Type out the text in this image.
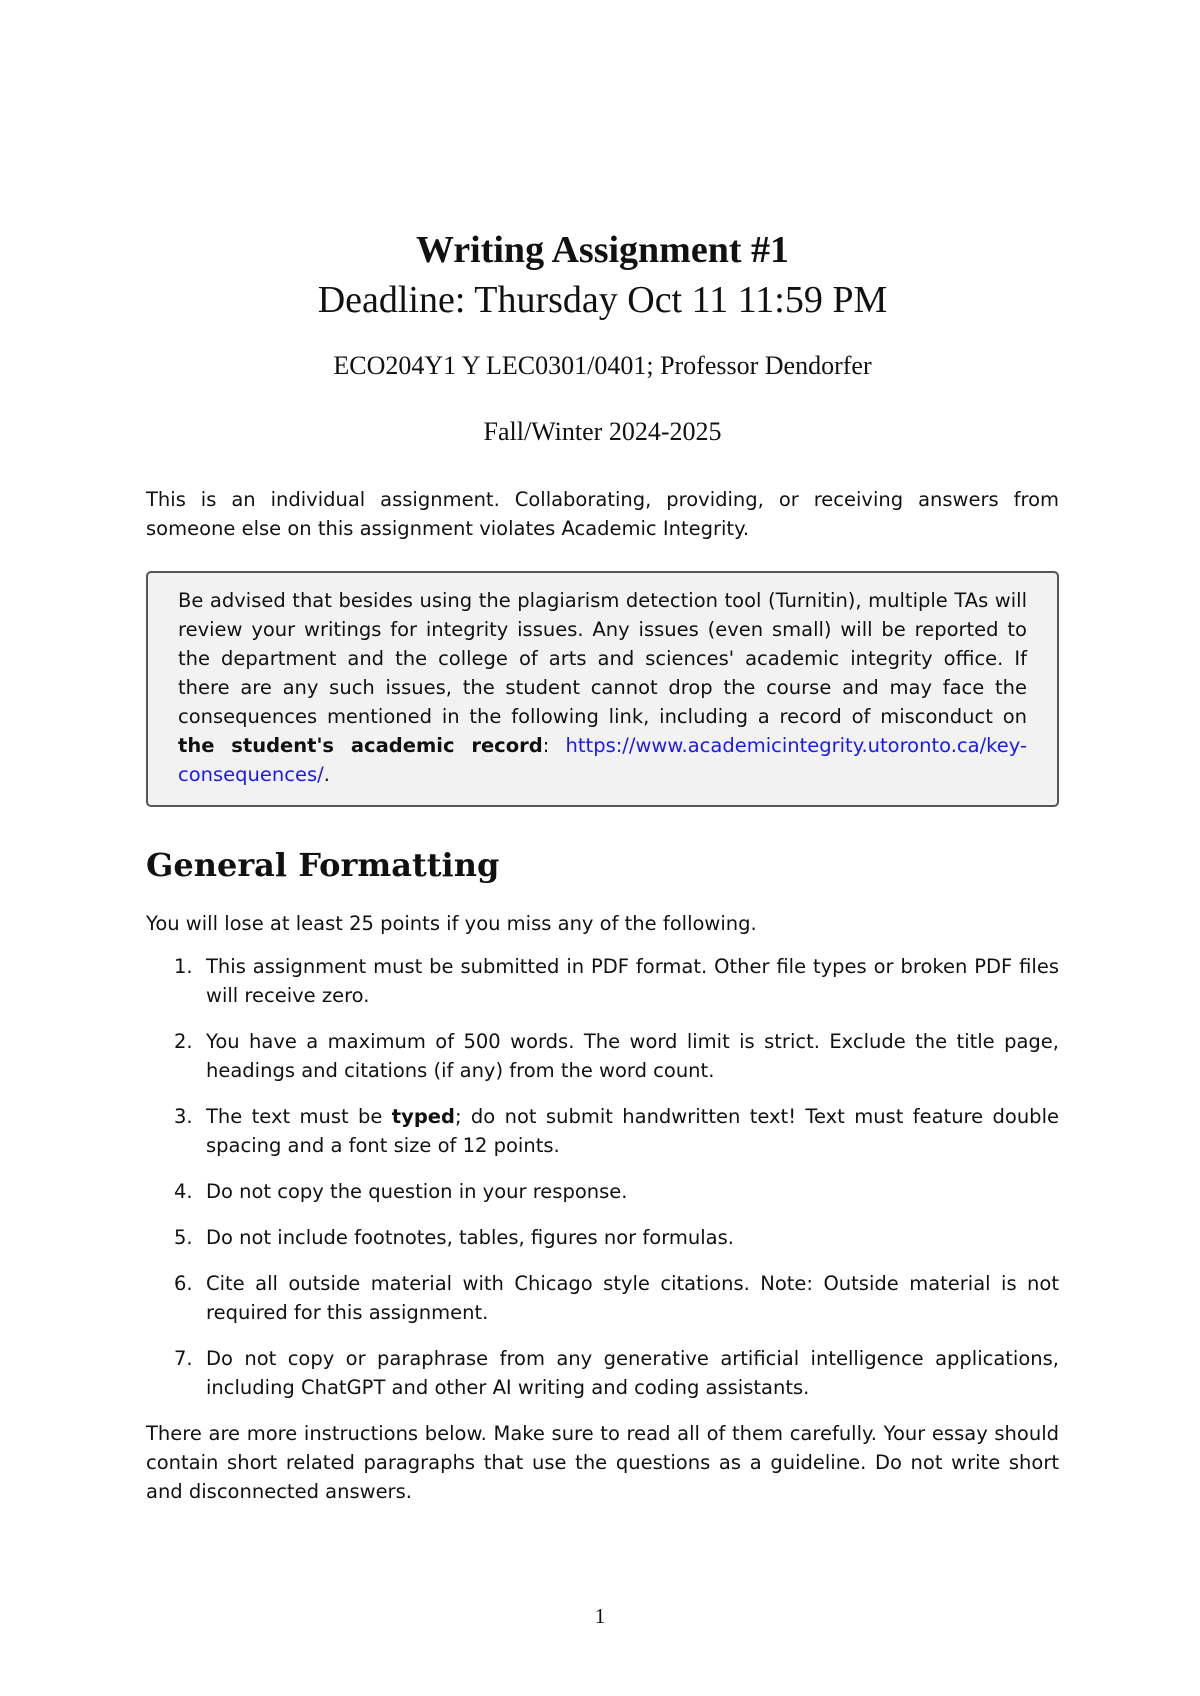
Writing Assignment #1
Deadline: Thursday Oct 11 11:59 PM
ECO204Y1 Y LEC0301/0401; Professor Dendorfer
Fall/Winter 2024-2025

This is an individual assignment. Collaborating, providing, or receiving answers from someone else on this assignment violates Academic Integrity.

Be advised that besides using the plagiarism detection tool (Turnitin), multiple TAs will review your writings for integrity issues. Any issues (even small) will be reported to the department and the college of arts and sciences' academic integrity office. If there are any such issues, the student cannot drop the course and may face the consequences mentioned in the following link, including a record of misconduct on the student's academic record: https://www.academicintegrity.utoronto.ca/key-consequences/.

General Formatting

You will lose at least 25 points if you miss any of the following.

1. This assignment must be submitted in PDF format. Other file types or broken PDF files will receive zero.

2. You have a maximum of 500 words. The word limit is strict. Exclude the title page, headings and citations (if any) from the word count.

3. The text must be typed; do not submit handwritten text! Text must feature double spacing and a font size of 12 points.

4. Do not copy the question in your response.

5. Do not include footnotes, tables, figures nor formulas.

6. Cite all outside material with Chicago style citations. Note: Outside material is not required for this assignment.

7. Do not copy or paraphrase from any generative artificial intelligence applications, including ChatGPT and other AI writing and coding assistants.

There are more instructions below. Make sure to read all of them carefully. Your essay should contain short related paragraphs that use the questions as a guideline. Do not write short and disconnected answers.

1
